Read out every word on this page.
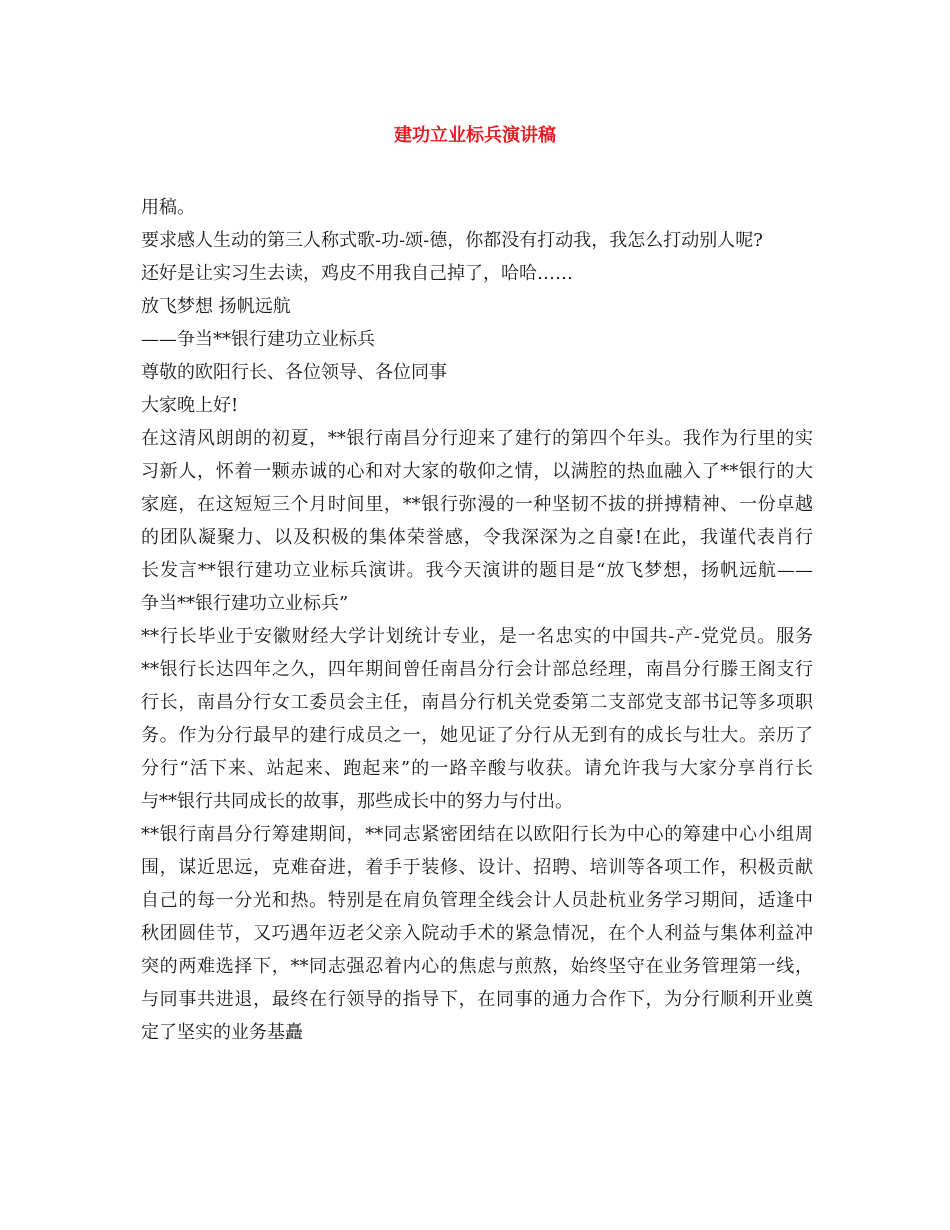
建功立业标兵演讲稿
用稿。
要求感人生动的第三人称式歌-功-颂-德，你都没有打动我，我怎么打动别人呢?
还好是让实习生去读，鸡皮不用我自己掉了，哈哈……
放飞梦想 扬帆远航
——争当**银行建功立业标兵
尊敬的欧阳行长、各位领导、各位同事
大家晚上好!
在这清风朗朗的初夏，**银行南昌分行迎来了建行的第四个年头。我作为行里的实
习新人，怀着一颗赤诚的心和对大家的敬仰之情，以满腔的热血融入了**银行的大
家庭，在这短短三个月时间里，**银行弥漫的一种坚韧不拔的拼搏精神、一份卓越
的团队凝聚力、以及积极的集体荣誉感，令我深深为之自豪!在此，我谨代表肖行
长发言**银行建功立业标兵演讲。我今天演讲的题目是“放飞梦想，扬帆远航——
争当**银行建功立业标兵”
**行长毕业于安徽财经大学计划统计专业，是一名忠实的中国共-产-党党员。服务
**银行长达四年之久，四年期间曾任南昌分行会计部总经理，南昌分行滕王阁支行
行长，南昌分行女工委员会主任，南昌分行机关党委第二支部党支部书记等多项职
务。作为分行最早的建行成员之一，她见证了分行从无到有的成长与壮大。亲历了
分行“活下来、站起来、跑起来”的一路辛酸与收获。请允许我与大家分享肖行长
与**银行共同成长的故事，那些成长中的努力与付出。
**银行南昌分行筹建期间，**同志紧密团结在以欧阳行长为中心的筹建中心小组周
围，谋近思远，克难奋进，着手于装修、设计、招聘、培训等各项工作，积极贡献
自己的每一分光和热。特别是在肩负管理全线会计人员赴杭业务学习期间，适逢中
秋团圆佳节，又巧遇年迈老父亲入院动手术的紧急情况，在个人利益与集体利益冲
突的两难选择下，**同志强忍着内心的焦虑与煎熬，始终坚守在业务管理第一线，
与同事共进退，最终在行领导的指导下，在同事的通力合作下，为分行顺利开业奠
定了坚实的业务基矗
